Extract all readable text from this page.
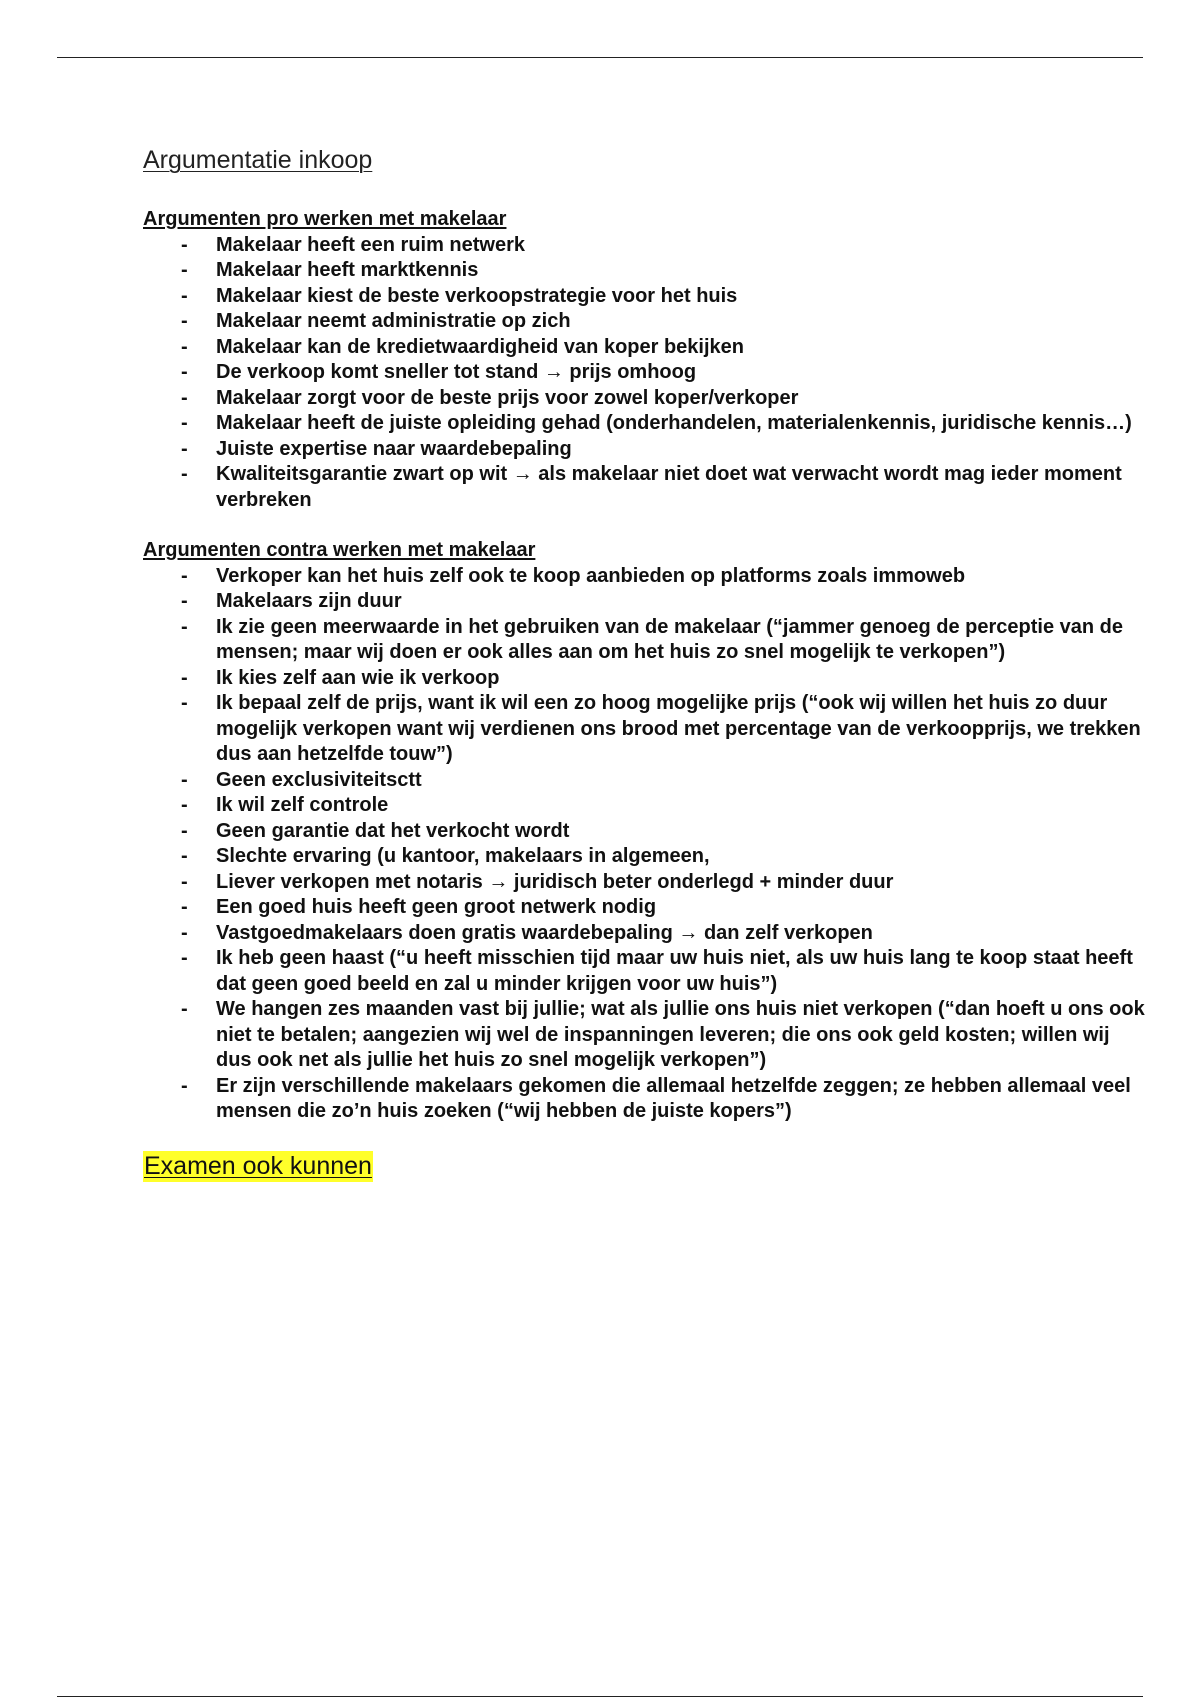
Argumentatie inkoop
Argumenten pro werken met makelaar
- Makelaar heeft een ruim netwerk
- Makelaar heeft marktkennis
- Makelaar kiest de beste verkoopstrategie voor het huis
- Makelaar neemt administratie op zich
- Makelaar kan de kredietwaardigheid van koper bekijken
- De verkoop komt sneller tot stand → prijs omhoog
- Makelaar zorgt voor de beste prijs voor zowel koper/verkoper
- Makelaar heeft de juiste opleiding gehad (onderhandelen, materialenkennis, juridische kennis…)
- Juiste expertise naar waardebepaling
- Kwaliteitsgarantie zwart op wit → als makelaar niet doet wat verwacht wordt mag ieder moment verbreken
Argumenten contra werken met makelaar
- Verkoper kan het huis zelf ook te koop aanbieden op platforms zoals immoweb
- Makelaars zijn duur
- Ik zie geen meerwaarde in het gebruiken van de makelaar (“jammer genoeg de perceptie van de mensen; maar wij doen er ook alles aan om het huis zo snel mogelijk te verkopen”)
- Ik kies zelf aan wie ik verkoop
- Ik bepaal zelf de prijs, want ik wil een zo hoog mogelijke prijs (“ook wij willen het huis zo duur mogelijk verkopen want wij verdienen ons brood met percentage van de verkoopprijs, we trekken dus aan hetzelfde touw”)
- Geen exclusiviteitsctt
- Ik wil zelf controle
- Geen garantie dat het verkocht wordt
- Slechte ervaring (u kantoor, makelaars in algemeen,
- Liever verkopen met notaris → juridisch beter onderlegd + minder duur
- Een goed huis heeft geen groot netwerk nodig
- Vastgoedmakelaars doen gratis waardebepaling → dan zelf verkopen
- Ik heb geen haast (“u heeft misschien tijd maar uw huis niet, als uw huis lang te koop staat heeft dat geen goed beeld en zal u minder krijgen voor uw huis”)
- We hangen zes maanden vast bij jullie; wat als jullie ons huis niet verkopen (“dan hoeft u ons ook niet te betalen; aangezien wij wel de inspanningen leveren; die ons ook geld kosten; willen wij dus ook net als jullie het huis zo snel mogelijk verkopen”)
- Er zijn verschillende makelaars gekomen die allemaal hetzelfde zeggen; ze hebben allemaal veel mensen die zo’n huis zoeken (“wij hebben de juiste kopers”)
Examen ook kunnen
